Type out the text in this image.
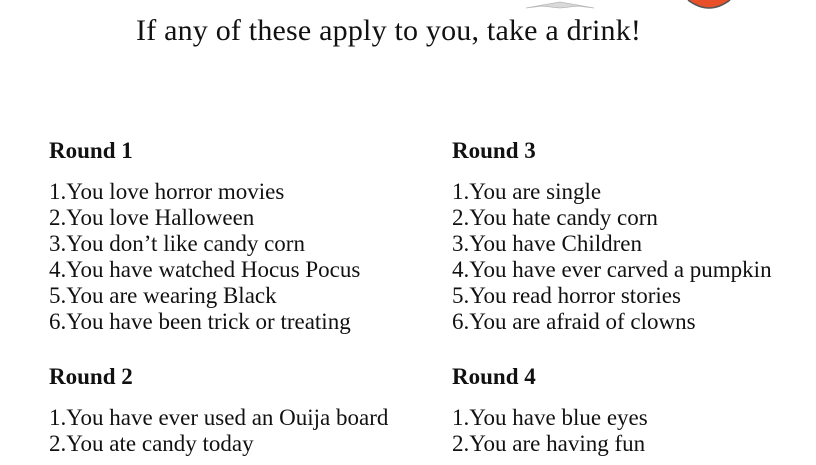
If any of these apply to you, take a drink!
Round 1
1.You love horror movies
2.You love Halloween
3.You don’t like candy corn
4.You have watched Hocus Pocus
5.You are wearing Black
6.You have been trick or treating
Round 2
1.You have ever used an Ouija board
2.You ate candy today
Round 3
1.You are single
2.You hate candy corn
3.You have Children
4.You have ever carved a pumpkin
5.You read horror stories
6.You are afraid of clowns
Round 4
1.You have blue eyes
2.You are having fun
